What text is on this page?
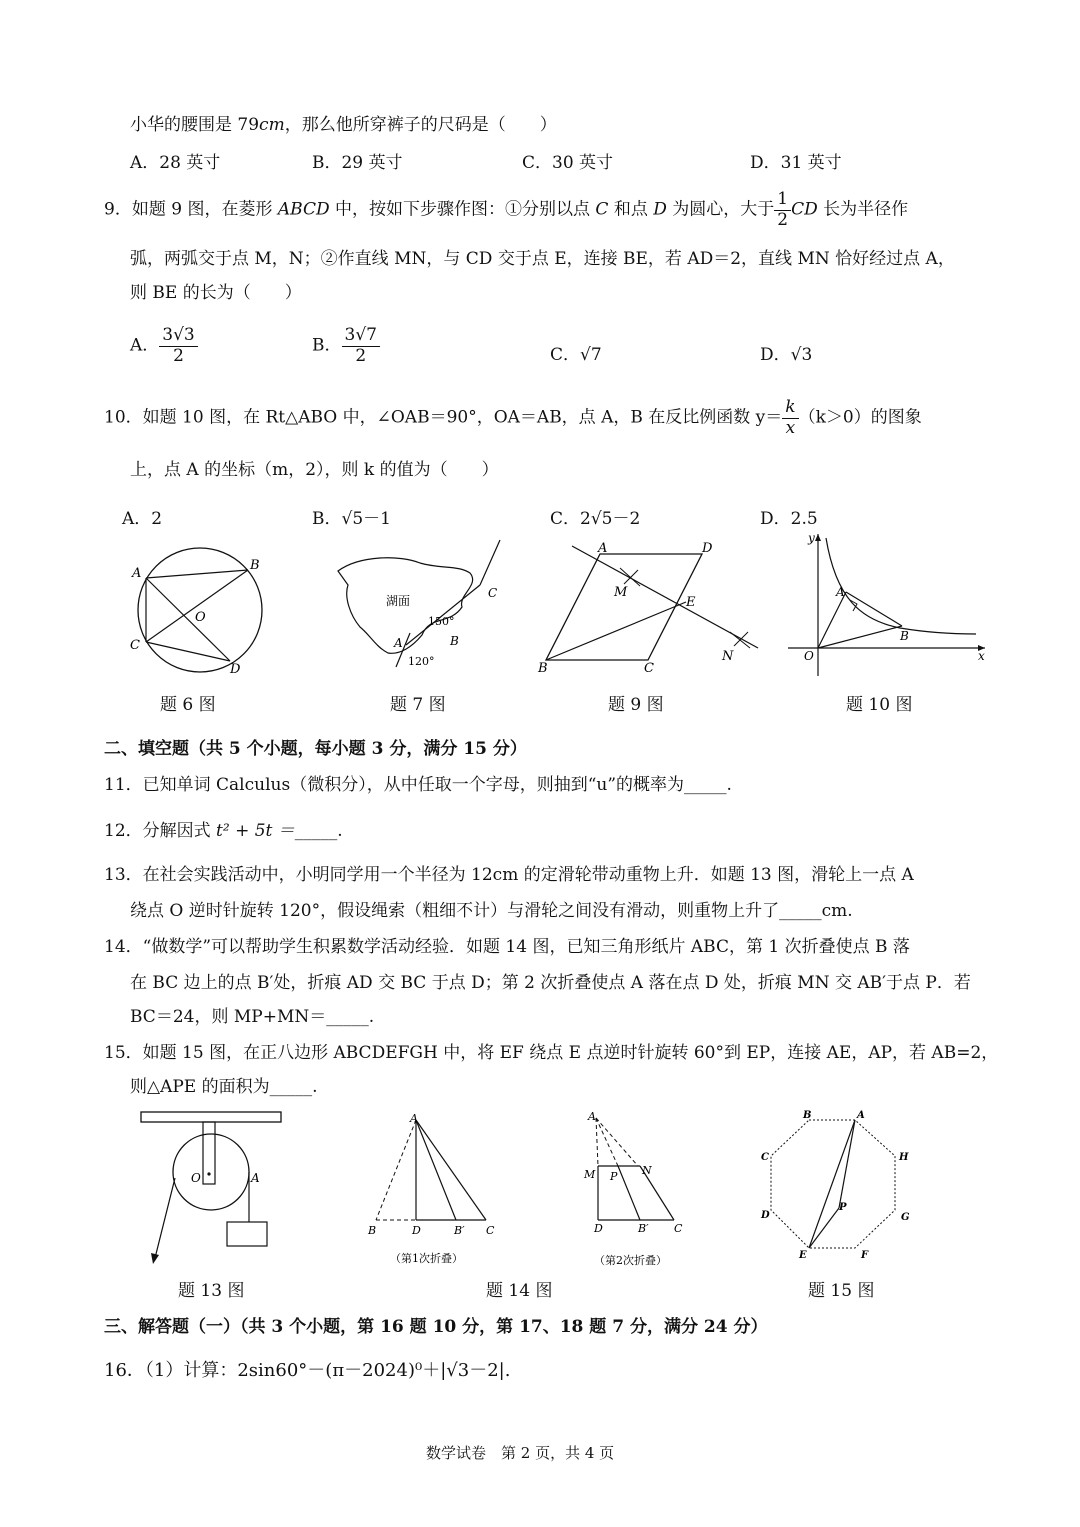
小华的腰围是 79cm，那么他所穿裤子的尺码是（　　）
A．28 英寸	B．29 英寸	C．30 英寸	D．31 英寸
9．如题 9 图，在菱形 ABCD 中，按如下步骤作图：①分别以点 C 和点 D 为圆心，大于 $\frac{1}{2}$ CD 长为半径作
弧，两弧交于点 M，N；②作直线 MN，与 CD 交于点 E，连接 BE，若 AD＝2，直线 MN 恰好经过点 A，
则 BE 的长为（　　）
A． $\frac{3√3}{2}$	B． $\frac{3√7}{2}$	C．√7	D．√3
10．如题 10 图，在 Rt△ABO 中，∠OAB＝90°，OA＝AB，点 A，B 在反比例函数 $y= \frac{k}{x} (k>0)$的图象
上，点 A 的坐标（m，2），则 k 的值为（　　）
A．2	B．√5－1	C．2√5－2	D．2.5
A
B
C
D
O
湖面
C
B
A
150°
120°
A	D
B	C
M
E
N
y
x
O
A
B
题 6 图	题 7 图	题 9 图	题 10 图
二、填空题（共 5 个小题，每小题 3 分，满分 15 分）
11．已知单词 Calculus（微积分），从中任取一个字母，则抽到“u”的概率为_____.
12．分解因式 t² + 5t ＝_____.
13．在社会实践活动中，小明同学用一个半径为 12cm 的定滑轮带动重物上升．如题 13 图，滑轮上一点 A
绕点 O 逆时针旋转 120°，假设绳索（粗细不计）与滑轮之间没有滑动，则重物上升了_____cm.
14．“做数学”可以帮助学生积累数学活动经验．如题 14 图，已知三角形纸片 ABC，第 1 次折叠使点 B 落
在 BC 边上的点 B′处，折痕 AD 交 BC 于点 D；第 2 次折叠使点 A 落在点 D 处，折痕 MN 交 AB′于点 P．若
BC＝24，则 MP+MN＝_____.
15．如题 15 图，在正八边形 ABCDEFGH 中，将 EF 绕点 E 点逆时针旋转 60°到 EP，连接 AE，AP，若 AB=2，
则△APE 的面积为_____.
O	A
A
B	D	B′ C
（第1次折叠）
A
M P N
D	B′ C
（第2次折叠）
B	A
C	H
D	G
E	F
P
题 13 图	题 14 图	题 15 图
三、解答题（一）（共 3 个小题，第 16 题 10 分，第 17、18 题 7 分，满分 24 分）
16．（1）计算：2sin60°－(π－2024)⁰＋|√3－2|.
数学试卷　第 2 页，共 4 页
